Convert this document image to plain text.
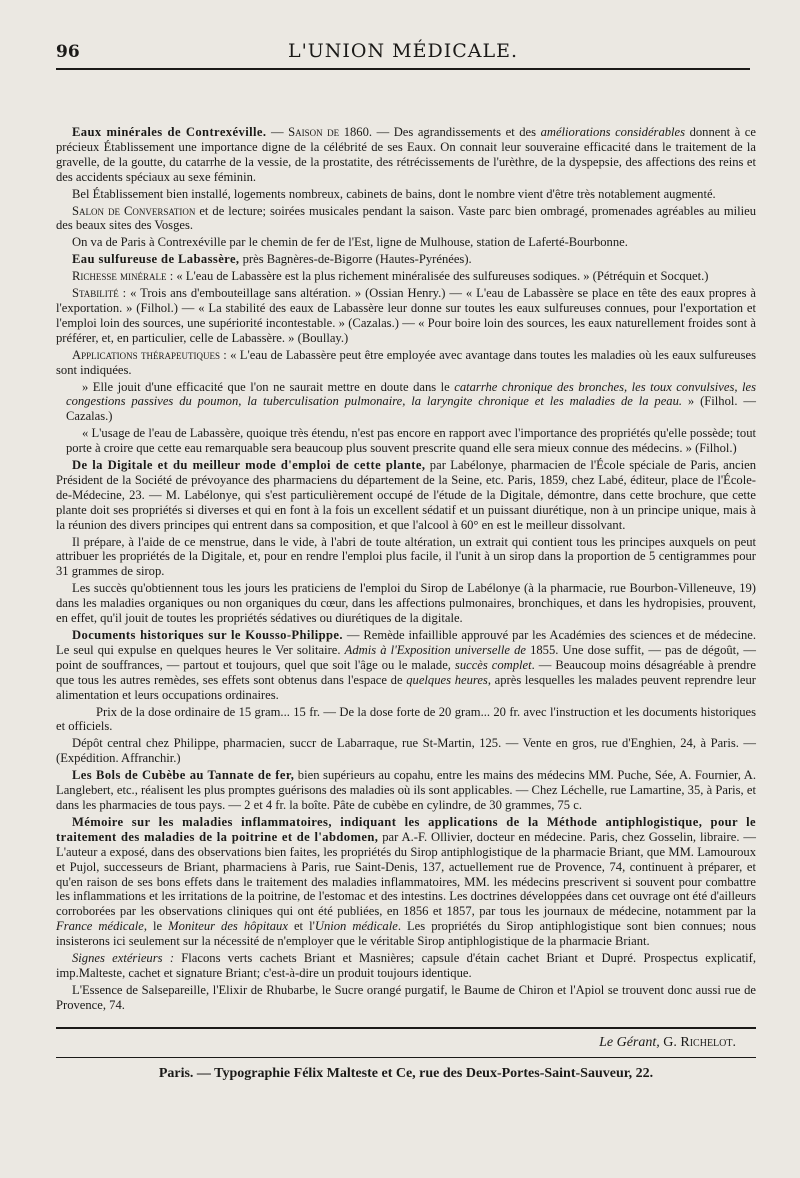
96	L'UNION MÉDICALE.

Eaux minérales de Contrexéville. — Saison de 1860. — Des agrandissements et des améliorations considérables donnent à ce précieux Établissement une importance digne de la célébrité de ses Eaux. On connait leur souveraine efficacité dans le traitement de la gravelle, de la goutte, du catarrhe de la vessie, de la prostatite, des rétrécissements de l'urèthre, de la dyspepsie, des affections des reins et des accidents spéciaux au sexe féminin.

Bel Établissement bien installé, logements nombreux, cabinets de bains, dont le nombre vient d'être très notablement augmenté.

Salon de Conversation et de lecture; soirées musicales pendant la saison. Vaste parc bien ombragé, promenades agréables au milieu des beaux sites des Vosges.

On va de Paris à Contrexéville par le chemin de fer de l'Est, ligne de Mulhouse, station de Laferté-Bourbonne.

Eau sulfureuse de Labassère, près Bagnères-de-Bigorre (Hautes-Pyrénées).

Richesse minérale : « L'eau de Labassère est la plus richement minéralisée des sulfureuses sodiques. » (Pétréquin et Socquet.)

Stabilité : « Trois ans d'embouteillage sans altération. » (Ossian Henry.) — « L'eau de Labassère se place en tête des eaux propres à l'exportation. » (Filhol.) — « La stabilité des eaux de Labassère leur donne sur toutes les eaux sulfureuses connues, pour l'exportation et l'emploi loin des sources, une supériorité incontestable. » (Cazalas.) — « Pour boire loin des sources, les eaux naturellement froides sont à préférer, et, en particulier, celle de Labassère. » (Boullay.)

Applications thérapeutiques : « L'eau de Labassère peut être employée avec avantage dans toutes les maladies où les eaux sulfureuses sont indiquées.

» Elle jouit d'une efficacité que l'on ne saurait mettre en doute dans le catarrhe chronique des bronches, les toux convulsives, les congestions passives du poumon, la tuberculisation pulmonaire, la laryngite chronique et les maladies de la peau. » (Filhol. — Cazalas.)

« L'usage de l'eau de Labassère, quoique très étendu, n'est pas encore en rapport avec l'importance des propriétés qu'elle possède; tout porte à croire que cette eau remarquable sera beaucoup plus souvent prescrite quand elle sera mieux connue des médecins. » (Filhol.)

De la Digitale et du meilleur mode d'emploi de cette plante, par Labélonye, pharmacien de l'École spéciale de Paris, ancien Président de la Société de prévoyance des pharmaciens du département de la Seine, etc. Paris, 1859, chez Labé, éditeur, place de l'École-de-Médecine, 23. — M. Labélonye, qui s'est particulièrement occupé de l'étude de la Digitale, démontre, dans cette brochure, que cette plante doit ses propriétés si diverses et qui en font à la fois un excellent sédatif et un puissant diurétique, non à un principe unique, mais à la réunion des divers principes qui entrent dans sa composition, et que l'alcool à 60° en est le meilleur dissolvant.

Il prépare, à l'aide de ce menstrue, dans le vide, à l'abri de toute altération, un extrait qui contient tous les principes auxquels on peut attribuer les propriétés de la Digitale, et, pour en rendre l'emploi plus facile, il l'unit à un sirop dans la proportion de 5 centigrammes pour 31 grammes de sirop.

Les succès qu'obtiennent tous les jours les praticiens de l'emploi du Sirop de Labélonye (à la pharmacie, rue Bourbon-Villeneuve, 19) dans les maladies organiques ou non organiques du cœur, dans les affections pulmonaires, bronchiques, et dans les hydropisies, prouvent, en effet, qu'il jouit de toutes les propriétés sédatives ou diurétiques de la digitale.

Documents historiques sur le Kousso-Philippe. — Remède infaillible approuvé par les Académies des sciences et de médecine. Le seul qui expulse en quelques heures le Ver solitaire. Admis à l'Exposition universelle de 1855. Une dose suffit, — pas de dégoût, — point de souffrances, — partout et toujours, quel que soit l'âge ou le malade, succès complet. — Beaucoup moins désagréable à prendre que tous les autres remèdes, ses effets sont obtenus dans l'espace de quelques heures, après lesquelles les malades peuvent reprendre leur alimentation et leurs occupations ordinaires.

Prix de la dose ordinaire de 15 gram... 15 fr. — De la dose forte de 20 gram... 20 fr. avec l'instruction et les documents historiques et officiels.

Dépôt central chez Philippe, pharmacien, succr de Labarraque, rue St-Martin, 125. — Vente en gros, rue d'Enghien, 24, à Paris. — (Expédition. Affranchir.)

Les Bols de Cubèbe au Tannate de fer, bien supérieurs au copahu, entre les mains des médecins MM. Puche, Sée, A. Fournier, A. Langlebert, etc., réalisent les plus promptes guérisons des maladies où ils sont applicables. — Chez Léchelle, rue Lamartine, 35, à Paris, et dans les pharmacies de tous pays. — 2 et 4 fr. la boîte. Pâte de cubèbe en cylindre, de 30 grammes, 75 c.

Mémoire sur les maladies inflammatoires, indiquant les applications de la Méthode antiphlogistique, pour le traitement des maladies de la poitrine et de l'abdomen, par A.-F. Ollivier, docteur en médecine. Paris, chez Gosselin, libraire. — L'auteur a exposé, dans des observations bien faites, les propriétés du Sirop antiphlogistique de la pharmacie Briant, que MM. Lamouroux et Pujol, successeurs de Briant, pharmaciens à Paris, rue Saint-Denis, 137, actuellement rue de Provence, 74, continuent à préparer, et qu'en raison de ses bons effets dans le traitement des maladies inflammatoires, MM. les médecins prescrivent si souvent pour combattre les inflammations et les irritations de la poitrine, de l'estomac et des intestins. Les doctrines développées dans cet ouvrage ont été d'ailleurs corroborées par les observations cliniques qui ont été publiées, en 1856 et 1857, par tous les journaux de médecine, notamment par la France médicale, le Moniteur des hôpitaux et l'Union médicale. Les propriétés du Sirop antiphlogistique sont bien connues; nous insisterons ici seulement sur la nécessité de n'employer que le véritable Sirop antiphlogistique de la pharmacie Briant.

Signes extérieurs : Flacons verts cachets Briant et Masnières; capsule d'étain cachet Briant et Dupré. Prospectus explicatif, imp.Malteste, cachet et signature Briant; c'est-à-dire un produit toujours identique.

L'Essence de Salsepareille, l'Elixir de Rhubarbe, le Sucre orangé purgatif, le Baume de Chiron et l'Apiol se trouvent donc aussi rue de Provence, 74.

Le Gérant, G. Richelot.
Paris. — Typographie Félix Malteste et Ce, rue des Deux-Portes-Saint-Sauveur, 22.
